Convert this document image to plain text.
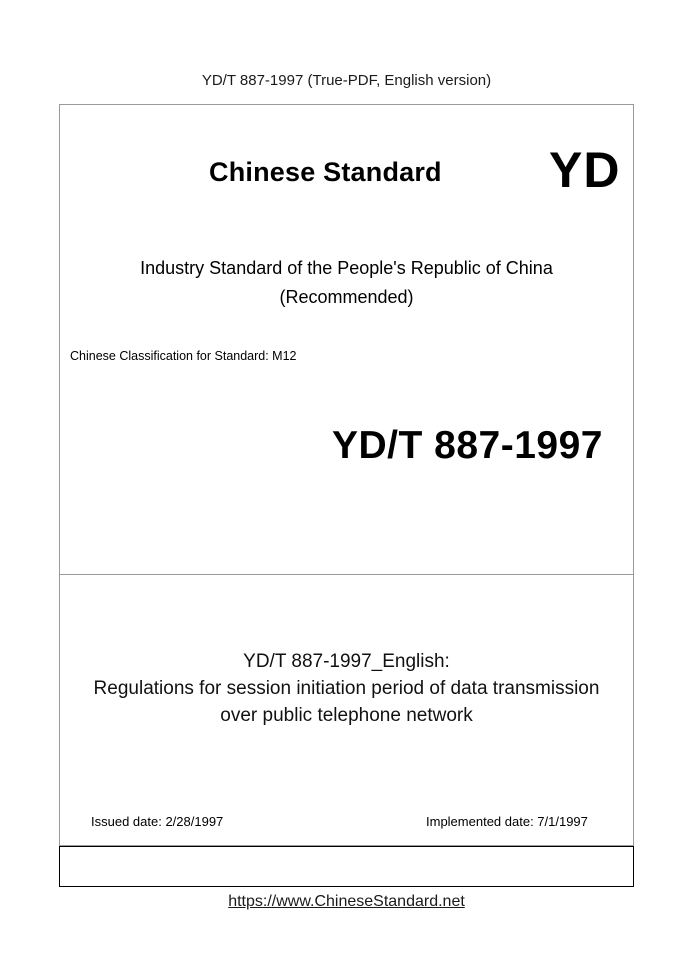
YD/T 887-1997 (True-PDF, English version)
Chinese Standard YD
Industry Standard of the People's Republic of China
(Recommended)
Chinese Classification for Standard: M12
YD/T 887-1997
YD/T 887-1997_English:
Regulations for session initiation period of data transmission
over public telephone network
Issued date: 2/28/1997	Implemented date: 7/1/1997
https://www.ChineseStandard.net
